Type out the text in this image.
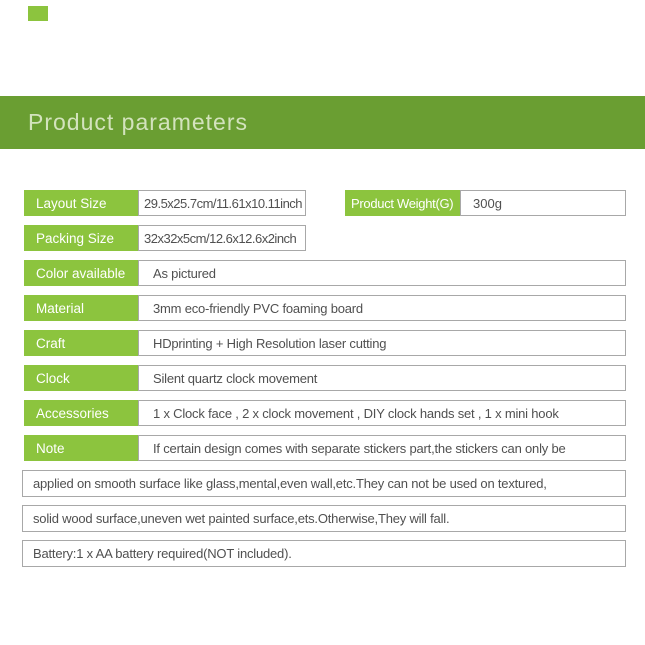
Product parameters
Layout Size	29.5x25.7cm/11.61x10.11inch	Product Weight(G)	300g
Packing Size	32x32x5cm/12.6x12.6x2inch
Color available	As pictured
Material	3mm eco-friendly PVC foaming board
Craft	HDprinting + High Resolution laser cutting
Clock	Silent quartz clock movement
Accessories	1 x Clock face , 2 x clock movement , DIY clock hands set , 1 x mini hook
Note	If certain design comes with separate stickers part,the stickers can only be
applied on smooth surface like glass,mental,even wall,etc.They can not be used on textured,
solid wood surface,uneven wet painted surface,ets.Otherwise,They will fall.
Battery:1 x AA battery required(NOT included).
